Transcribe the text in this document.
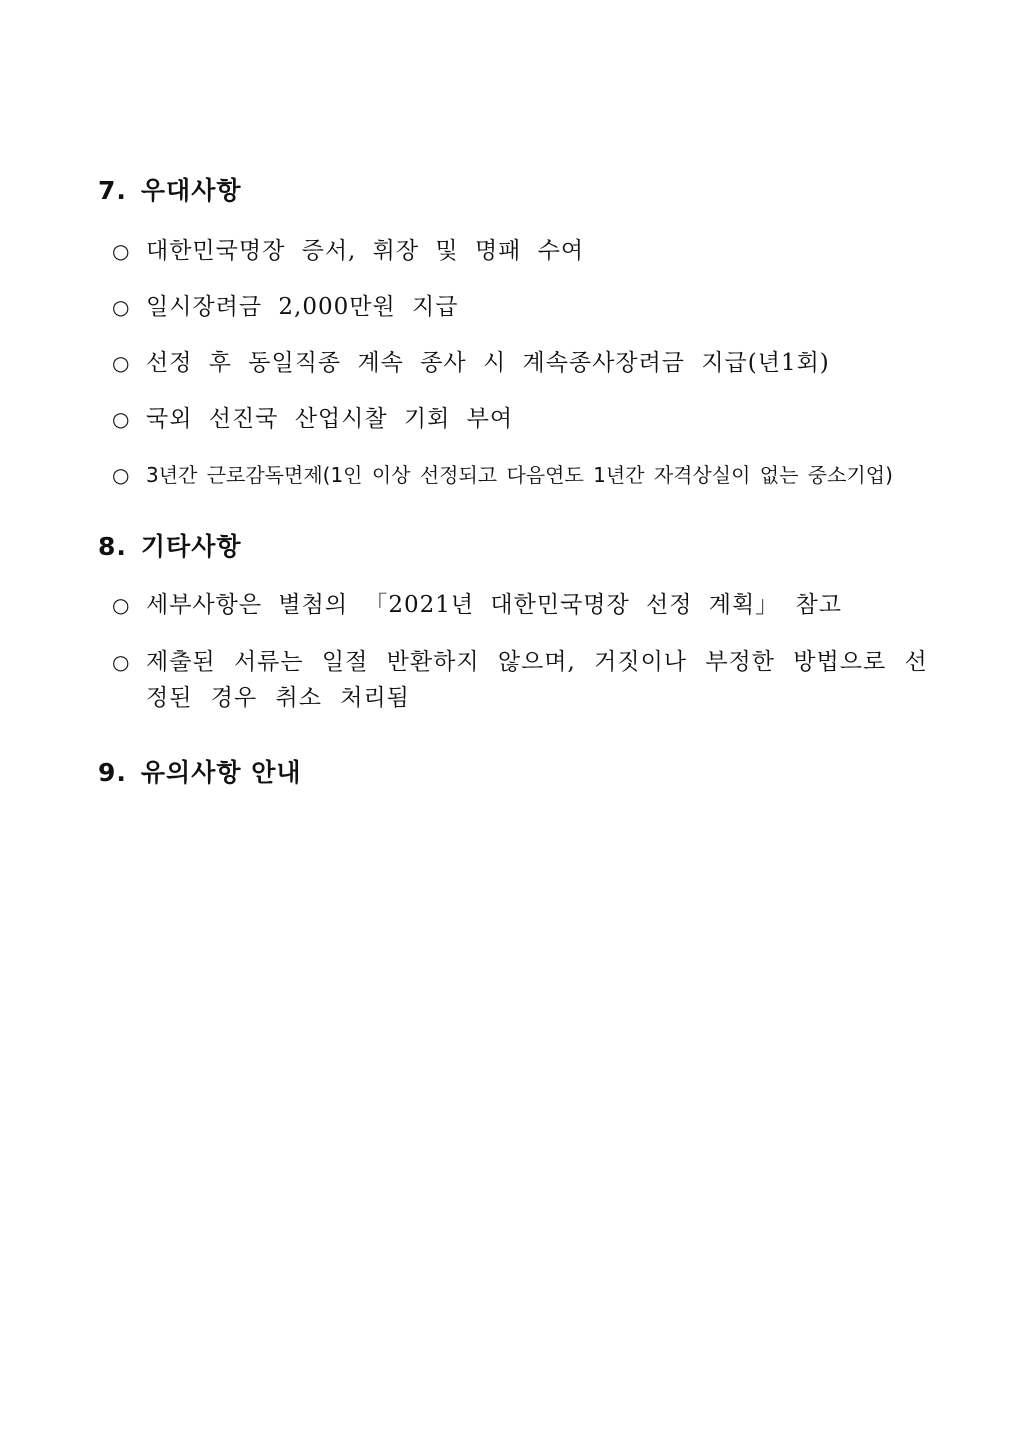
7. 우대사항
○ 대한민국명장 증서, 휘장 및 명패 수여
○ 일시장려금 2,000만원 지급
○ 선정 후 동일직종 계속 종사 시 계속종사장려금 지급(년1회)
○ 국외 선진국 산업시찰 기회 부여
○ 3년간 근로감독면제(1인 이상 선정되고 다음연도 1년간 자격상실이 없는 중소기업)
8. 기타사항
○ 세부사항은 별첨의 「2021년 대한민국명장 선정 계획」 참고
○ 제출된 서류는 일절 반환하지 않으며, 거짓이나 부정한 방법으로 선정된 경우 취소 처리됨
9. 유의사항 안내
